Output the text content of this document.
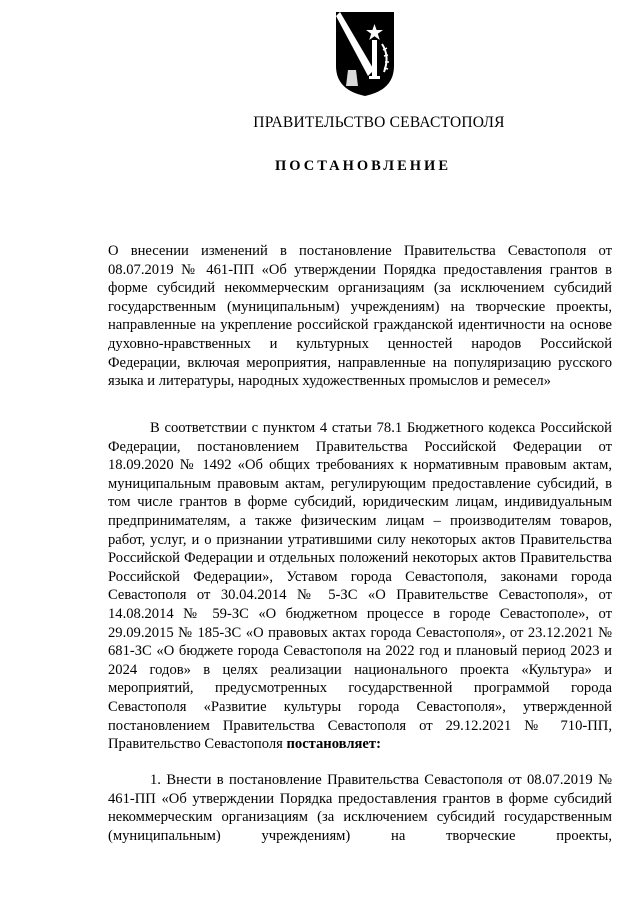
ПРАВИТЕЛЬСТВО СЕВАСТОПОЛЯ
ПОСТАНОВЛЕНИЕ
О внесении изменений в постановление Правительства Севастополя от 08.07.2019 № 461-ПП «Об утверждении Порядка предоставления грантов в форме субсидий некоммерческим организациям (за исключением субсидий государственным (муниципальным) учреждениям) на творческие проекты, направленные на укрепление российской гражданской идентичности на основе духовно-нравственных и культурных ценностей народов Российской Федерации, включая мероприятия, направленные на популяризацию русского языка и литературы, народных художественных промыслов и ремесел»
В соответствии с пунктом 4 статьи 78.1 Бюджетного кодекса Российской Федерации, постановлением Правительства Российской Федерации от 18.09.2020 № 1492 «Об общих требованиях к нормативным правовым актам, муниципальным правовым актам, регулирующим предоставление субсидий, в том числе грантов в форме субсидий, юридическим лицам, индивидуальным предпринимателям, а также физическим лицам – производителям товаров, работ, услуг, и о признании утратившими силу некоторых актов Правительства Российской Федерации и отдельных положений некоторых актов Правительства Российской Федерации», Уставом города Севастополя, законами города Севастополя от 30.04.2014 № 5-ЗС «О Правительстве Севастополя», от 14.08.2014 № 59-ЗС «О бюджетном процессе в городе Севастополе», от 29.09.2015 № 185-ЗС «О правовых актах города Севастополя», от 23.12.2021 № 681-ЗС «О бюджете города Севастополя на 2022 год и плановый период 2023 и 2024 годов» в целях реализации национального проекта «Культура» и мероприятий, предусмотренных государственной программой города Севастополя «Развитие культуры города Севастополя», утвержденной постановлением Правительства Севастополя от 29.12.2021 № 710-ПП, Правительство Севастополя постановляет:
1. Внести в постановление Правительства Севастополя от 08.07.2019 № 461-ПП «Об утверждении Порядка предоставления грантов в форме субсидий некоммерческим организациям (за исключением субсидий государственным (муниципальным) учреждениям) на творческие проекты,
